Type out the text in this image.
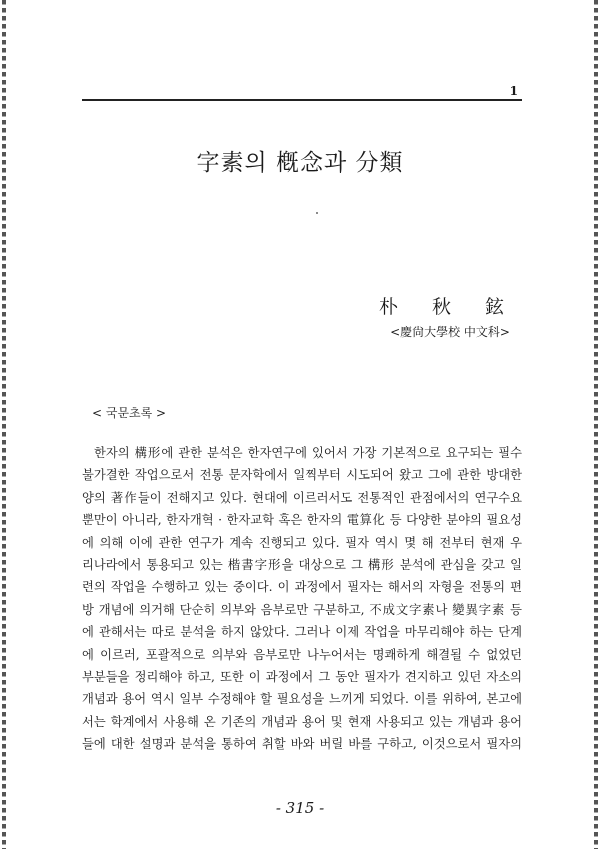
1
字素의 槪念과 分類
朴秋鉉
<慶尙大學校 中文科>
< 국문초록 >
한자의 構形에 관한 분석은 한자연구에 있어서 가장 기본적으로 요구되는 필수
불가결한 작업으로서 전통 문자학에서 일찍부터 시도되어 왔고 그에 관한 방대한
양의 著作들이 전해지고 있다. 현대에 이르러서도 전통적인 관점에서의 연구수요
뿐만이 아니라, 한자개혁 · 한자교학 혹은 한자의 電算化 등 다양한 분야의 필요성
에 의해 이에 관한 연구가 계속 진행되고 있다. 필자 역시 몇 해 전부터 현재 우
리나라에서 통용되고 있는 楷書字形을 대상으로 그 構形 분석에 관심을 갖고 일
련의 작업을 수행하고 있는 중이다. 이 과정에서 필자는 해서의 자형을 전통의 편
방 개념에 의거해 단순히 의부와 음부로만 구분하고, 不成文字素나 變異字素 등
에 관해서는 따로 분석을 하지 않았다. 그러나 이제 작업을 마무리해야 하는 단계
에 이르러, 포괄적으로 의부와 음부로만 나누어서는 명쾌하게 해결될 수 없었던
부분들을 정리해야 하고, 또한 이 과정에서 그 동안 필자가 견지하고 있던 자소의
개념과 용어 역시 일부 수정해야 할 필요성을 느끼게 되었다. 이를 위하여, 본고에
서는 학계에서 사용해 온 기존의 개념과 용어 및 현재 사용되고 있는 개념과 용어
들에 대한 설명과 분석을 통하여 취할 바와 버릴 바를 구하고, 이것으로서 필자의
- 315 -
